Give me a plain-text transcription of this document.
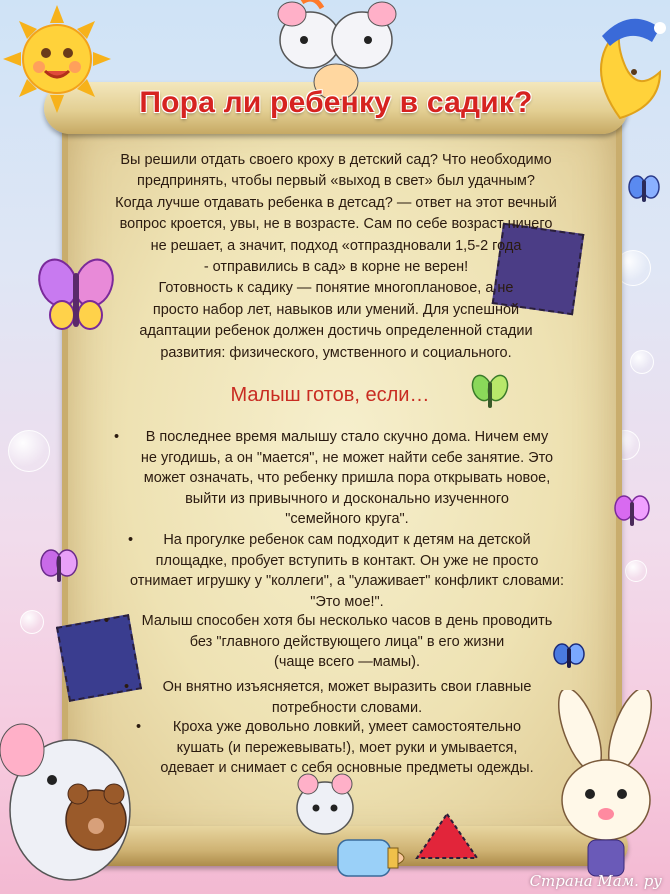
Пора ли ребенку в садик?

Вы решили отдать своего кроху в детский сад? Что необходимо
предпринять, чтобы первый «выход в свет» был удачным?
Когда лучше отдавать ребенка в детсад? — ответ на этот вечный
вопрос кроется, увы, не в возрасте. Сам по себе возраст ничего
не решает, а значит, подход «отпраздновали 1,5-2 года
- отправились в сад» в корне не верен!
Готовность к садику — понятие многоплановое, а не
просто набор лет, навыков или умений. Для успешной
адаптации ребенок должен достичь определенной стадии
развития: физического, умственного и социального.

Малыш готов, если…
• В последнее время малышу стало скучно дома. Ничем ему
не угодишь, а он "мается", не может найти себе занятие. Это
может означать, что ребенку пришла пора открывать новое,
выйти из привычного и досконально изученного
"семейного круга".
• На прогулке ребенок сам подходит к детям на детской
площадке, пробует вступить в контакт. Он уже не просто
отнимает игрушку у "коллеги", а "улаживает" конфликт словами:
"Это мое!".
• Малыш способен хотя бы несколько часов в день проводить
без "главного действующего лица" в его жизни
(чаще всего —мамы).
• Он внятно изъясняется, может выразить свои главные
потребности словами.
• Кроха уже довольно ловкий, умеет самостоятельно
кушать (и пережевывать!), моет руки и умывается,
одевает и снимает с себя основные предметы одежды.
Страна Мам. ру
